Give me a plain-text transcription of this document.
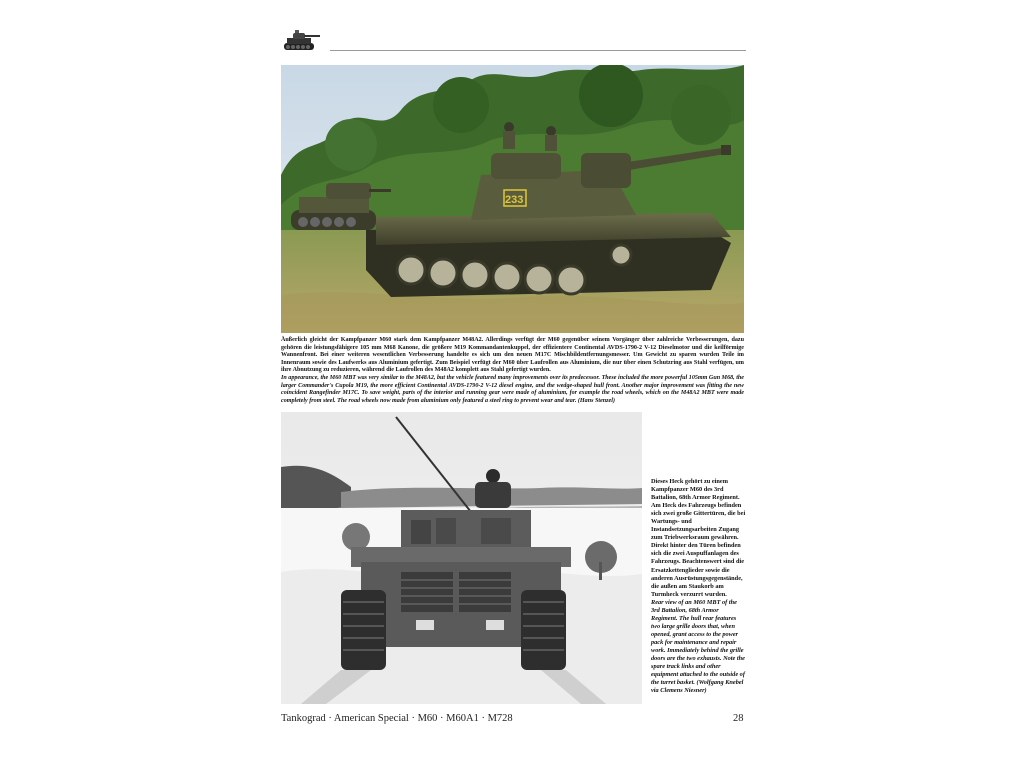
233

Äußerlich gleicht der Kampfpanzer M60 stark dem Kampfpanzer M48A2. Allerdings verfügt der M60 gegenüber seinem Vorgänger über zahlreiche Verbesserungen, dazu gehören die leistungsfähigere 105 mm M68 Kanone, die größere M19 Kommandantenkuppel, der effizientere Continental AVDS-1790-2 V-12 Dieselmotor und die keilförmige Wannenfront. Bei einer weiteren wesentlichen Verbesserung handelte es sich um den neuen M17C Mischbildentfernungsmesser. Um Gewicht zu sparen wurden Teile im Innenraum sowie des Laufwerks aus Aluminium gefertigt. Zum Beispiel verfügt der M60 über Laufrollen aus Aluminium, die nur über einen Schutzring aus Stahl verfügen, um ihre Abnutzung zu reduzieren, während die Laufrollen des M48A2 komplett aus Stahl gefertigt wurden.

In appearance, the M60 MBT was very similar to the M48A2, but the vehicle featured many improvements over its predecessor. These included the more powerful 105mm Gun M68, the larger Commander's Cupola M19, the more efficient Continental AVDS-1790-2 V-12 diesel engine, and the wedge-shaped hull front. Another major improvement was fitting the new coincident Rangefinder M17C. To save weight, parts of the interior and running gear were made of aluminium, for example the road wheels, which on the M48A2 MBT were made completely from steel. The road wheels now made from aluminium only featured a steel ring to prevent wear and tear. (Hans Stenzel)

Dieses Heck gehört zu einem Kampfpanzer M60 des 3rd Battalion, 68th Armor Regiment. Am Heck des Fahrzeugs befinden sich zwei große Gittertüren, die bei Wartungs- und Instandsetzungsarbeiten Zugang zum Triebwerksraum gewähren. Direkt hinter den Türen befinden sich die zwei Auspuffanlagen des Fahrzeugs. Beachtenswert sind die Ersatzkettenglieder sowie die anderen Ausrüstungsgegenstände, die außen am Staukorb am Turmheck verzurrt wurden.

Rear view of an M60 MBT of the 3rd Battalion, 68th Armor Regiment. The hull rear features two large grille doors that, when opened, grant access to the power pack for maintenance and repair work. Immediately behind the grille doors are the two exhausts. Note the spare track links and other equipment attached to the outside of the turret basket. (Wolfgang Knebel via Clemens Niesner)

Tankograd · American Special · M60 · M60A1 · M728	28
